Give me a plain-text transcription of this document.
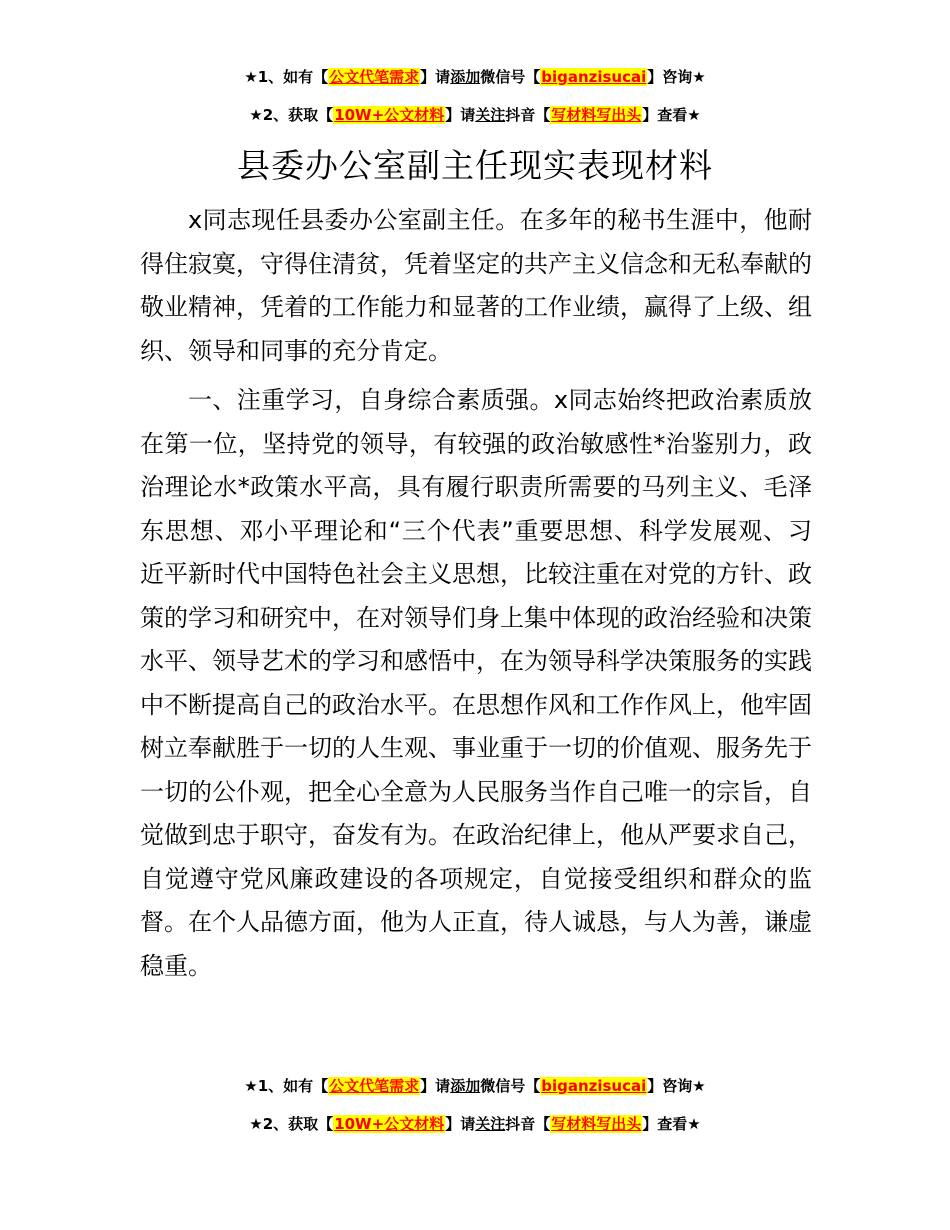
★1、如有【公文代笔需求】请添加微信号【biganzisucai】咨询★
★2、获取【10W+公文材料】请关注抖音【写材料写出头】查看★
县委办公室副主任现实表现材料

x同志现任县委办公室副主任。在多年的秘书生涯中，他耐得住寂寞，守得住清贫，凭着坚定的共产主义信念和无私奉献的敬业精神，凭着的工作能力和显著的工作业绩，赢得了上级、组织、领导和同事的充分肯定。

一、注重学习，自身综合素质强。x同志始终把政治素质放在第一位，坚持党的领导，有较强的政治敏感性*治鉴别力，政治理论水*政策水平高，具有履行职责所需要的马列主义、毛泽东思想、邓小平理论和“三个代表”重要思想、科学发展观、习近平新时代中国特色社会主义思想，比较注重在对党的方针、政策的学习和研究中，在对领导们身上集中体现的政治经验和决策水平、领导艺术的学习和感悟中，在为领导科学决策服务的实践中不断提高自己的政治水平。在思想作风和工作作风上，他牢固树立奉献胜于一切的人生观、事业重于一切的价值观、服务先于一切的公仆观，把全心全意为人民服务当作自己唯一的宗旨，自觉做到忠于职守，奋发有为。在政治纪律上，他从严要求自己，自觉遵守党风廉政建设的各项规定，自觉接受组织和群众的监督。在个人品德方面，他为人正直，待人诚恳，与人为善，谦虚稳重。

★1、如有【公文代笔需求】请添加微信号【biganzisucai】咨询★
★2、获取【10W+公文材料】请关注抖音【写材料写出头】查看★
